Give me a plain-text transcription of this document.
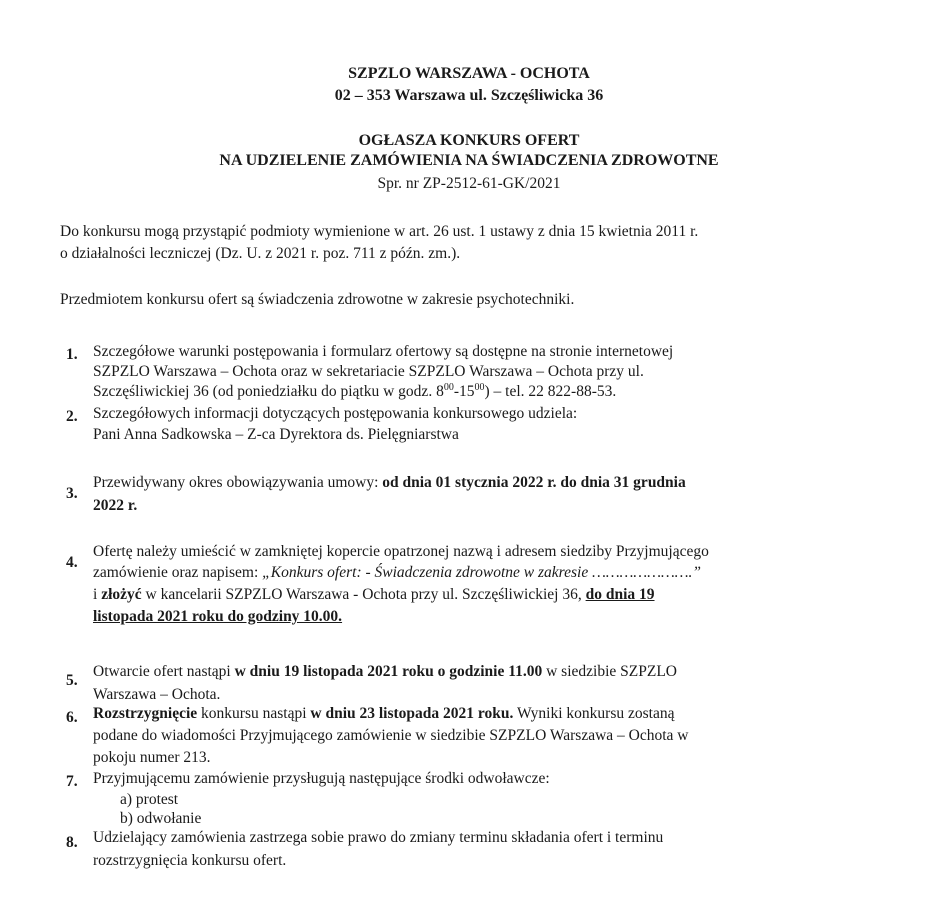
SZPZLO WARSZAWA - OCHOTA
02 – 353 Warszawa ul. Szczęśliwicka 36
OGŁASZA KONKURS OFERT
NA UDZIELENIE ZAMÓWIENIA NA ŚWIADCZENIA ZDROWOTNE
Spr. nr ZP-2512-61-GK/2021
Do konkursu mogą przystąpić podmioty wymienione w art. 26 ust. 1 ustawy z dnia 15 kwietnia 2011 r.
o działalności leczniczej (Dz. U. z 2021 r. poz. 711 z późn. zm.).
Przedmiotem konkursu ofert są świadczenia zdrowotne w zakresie psychotechniki.
1. Szczegółowe warunki postępowania i formularz ofertowy są dostępne na stronie internetowej
SZPZLO Warszawa – Ochota oraz w sekretariacie SZPZLO Warszawa – Ochota przy ul.
Szczęśliwickiej 36 (od poniedziałku do piątku w godz. $8^{00}-15^{00}$) – tel. 22 822-88-53.
2. Szczegółowych informacji dotyczących postępowania konkursowego udziela:
Pani Anna Sadkowska – Z-ca Dyrektora ds. Pielęgniarstwa
3.
Przewidywany okres obowiązywania umowy: od dnia 01 stycznia 2022 r. do dnia 31 grudnia
2022 r.
4.
Ofertę należy umieścić w zamkniętej kopercie opatrzonej nazwą i adresem siedziby Przyjmującego
zamówienie oraz napisem: „Konkurs ofert: - Świadczenia zdrowotne w zakresie ………………….”
i złożyć w kancelarii SZPZLO Warszawa - Ochota przy ul. Szczęśliwickiej 36, do dnia 19
listopada 2021 roku do godziny 10.00.
5.
Otwarcie ofert nastąpi w dniu 19 listopada 2021 roku o godzinie 11.00 w siedzibie SZPZLO
Warszawa – Ochota.
6. Rozstrzygnięcie konkursu nastąpi w dniu 23 listopada 2021 roku. Wyniki konkursu zostaną
podane do wiadomości Przyjmującego zamówienie w siedzibie SZPZLO Warszawa – Ochota w
pokoju numer 213.
7. Przyjmującemu zamówienie przysługują następujące środki odwoławcze:
a) protest
b) odwołanie
8. Udzielający zamówienia zastrzega sobie prawo do zmiany terminu składania ofert i terminu
rozstrzygnięcia konkursu ofert.
